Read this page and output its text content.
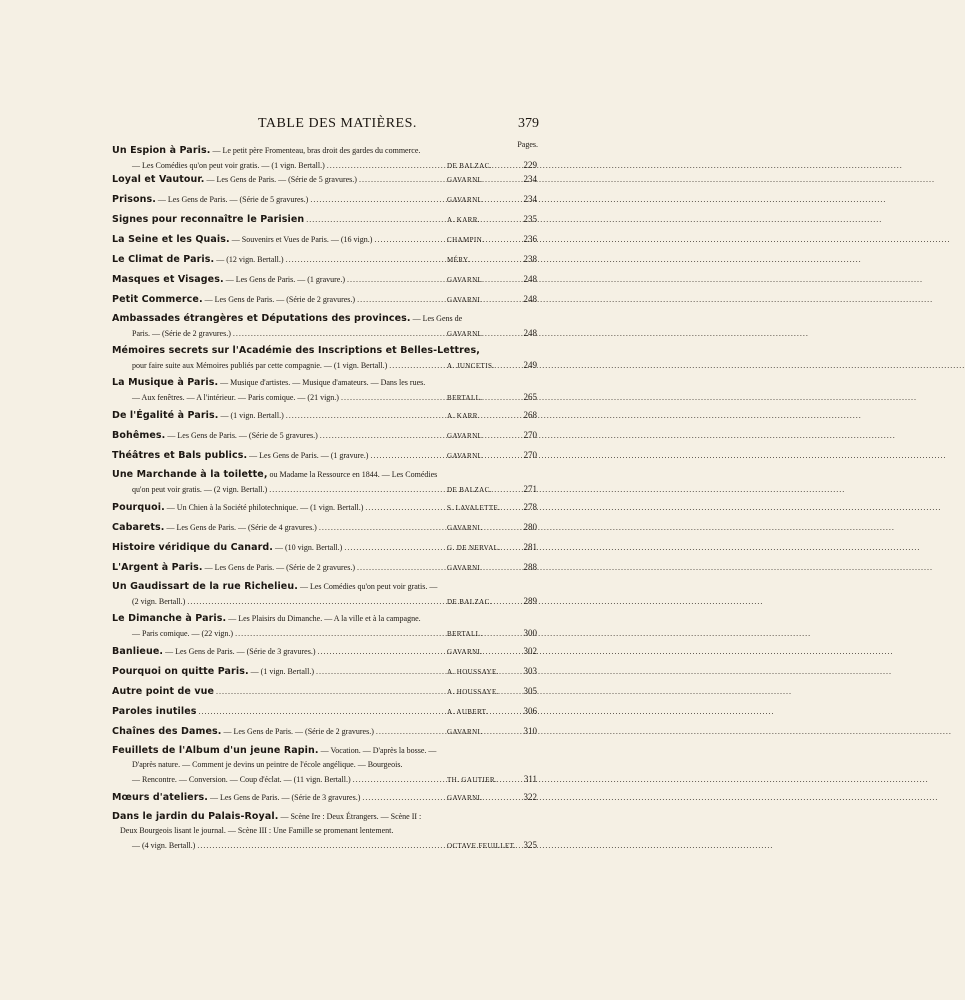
TABLE DES MATIÈRES.	379
Pages.
Un Espion à Paris. — Le petit père Fromenteau, bras droit des gardes du commerce.
— Les Comédies qu'on peut voir gratis. — (1 vign. Bertall.) .....	DE BALZAC.	229
Loyal et Vautour. — Les Gens de Paris. — (Série de 5 gravures.) .....	GAVARNI.	234
Prisons. — Les Gens de Paris. — (Série de 5 gravures.) .....	GAVARNI.	234
Signes pour reconnaître le Parisien .....	A. KARR.	235
La Seine et les Quais. — Souvenirs et Vues de Paris. — (16 vign.) .....	CHAMPIN.	236
Le Climat de Paris. — (12 vign. Bertall.) .....	MÉRY.	238
Masques et Visages. — Les Gens de Paris. — (1 gravure.) .....	GAVARNI.	248
Petit Commerce. — Les Gens de Paris. — (Série de 2 gravures.) .....	GAVARNI.	248
Ambassades étrangères et Députations des provinces. — Les Gens de
Paris. — (Série de 2 gravures.) .....	GAVARNI.	248
Mémoires secrets sur l'Académie des Inscriptions et Belles-Lettres,
pour faire suite aux Mémoires publiés par cette compagnie. — (1 vign. Bertall.) .....	A. JUNCETIS.	249
La Musique à Paris. — Musique d'artistes. — Musique d'amateurs. — Dans les rues.
— Aux fenêtres. — A l'intérieur. — Paris comique. — (21 vign.) .....	BERTALL.	265
De l'Égalité à Paris. — (1 vign. Bertall.) .....	A. KARR.	268
Bohêmes. — Les Gens de Paris. — (Série de 5 gravures.) .....	GAVARNI.	270
Théâtres et Bals publics. — Les Gens de Paris. — (1 gravure.) .....	GAVARNI.	270
Une Marchande à la toilette, ou Madame la Ressource en 1844. — Les Comédies
qu'on peut voir gratis. — (2 vign. Bertall.) .....	DE BALZAC.	271
Pourquoi. — Un Chien à la Société philotechnique. — (1 vign. Bertall.) .....	S. LAVALETTE.	278
Cabarets. — Les Gens de Paris. — (Série de 4 gravures.) .....	GAVARNI.	280
Histoire véridique du Canard. — (10 vign. Bertall.) .....	G. DE NERVAL.	281
L'Argent à Paris. — Les Gens de Paris. — (Série de 2 gravures.) .....	GAVARNI.	288
Un Gaudissart de la rue Richelieu. — Les Comédies qu'on peut voir gratis. —
(2 vign. Bertall.) .....	DE BALZAC.	289
Le Dimanche à Paris. — Les Plaisirs du Dimanche. — A la ville et à la campagne.
— Paris comique. — (22 vign.) .....	BERTALL.	300
Banlieue. — Les Gens de Paris. — (Série de 3 gravures.) .....	GAVARNI.	302
Pourquoi on quitte Paris. — (1 vign. Bertall.) .....	A. HOUSSAYE.	303
Autre point de vue .....	A. HOUSSAYE.	305
Paroles inutiles .....	A. AUBERT.	306
Chaînes des Dames. — Les Gens de Paris. — (Série de 2 gravures.) .....	GAVARNI.	310
Feuillets de l'Album d'un jeune Rapin. — Vocation. — D'après la bosse. —
D'après nature. — Comment je devins un peintre de l'école angélique. — Bourgeois.
— Rencontre. — Conversion. — Coup d'éclat. — (11 vign. Bertall.) .....	TH. GAUTIER.	311
Mœurs d'ateliers. — Les Gens de Paris. — (Série de 3 gravures.) .....	GAVARNI.	322
Dans le jardin du Palais-Royal. — Scène Ire : Deux Étrangers. — Scène II :
Deux Bourgeois lisant le journal. — Scène III : Une Famille se promenant lentement.
— (4 vign. Bertall.) .....	OCTAVE FEUILLET. 325
